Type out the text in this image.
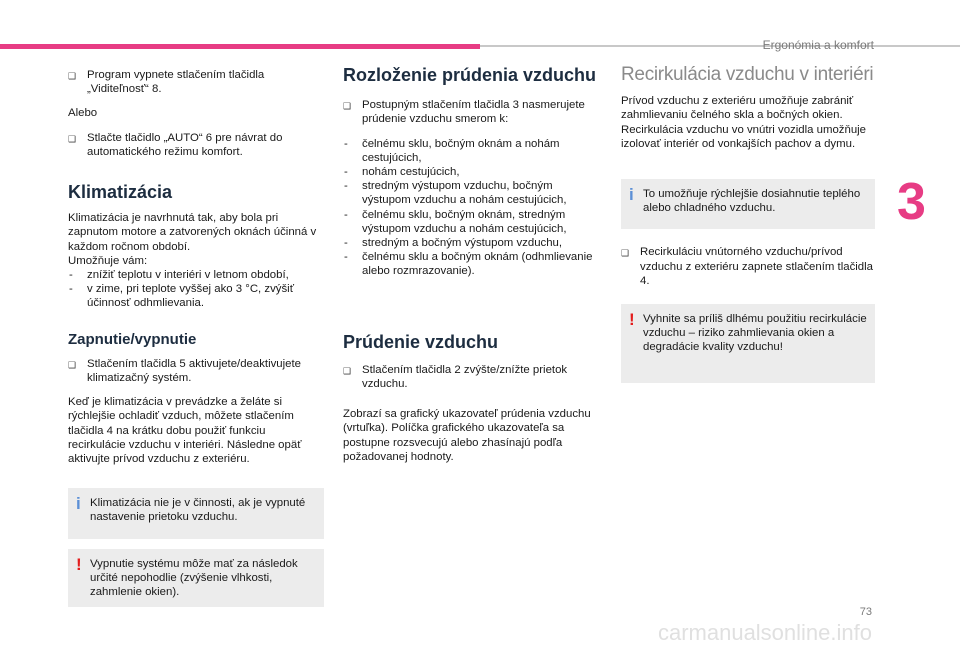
Ergonómia a komfort
3
❑ Program vypnete stlačením tlačidla „Viditeľnosť“ 8.

Alebo

❑ Stlačte tlačidlo „AUTO“ 6 pre návrat do automatického režimu komfort.
Klimatizácia

Klimatizácia je navrhnutá tak, aby bola pri zapnutom motore a zatvorených oknách účinná v každom ročnom období.

Umožňuje vám:

- znížiť teplotu v interiéri v letnom období,
- v zime, pri teplote vyššej ako 3 °C, zvýšiť účinnosť odhmlievania.
Zapnutie/vypnutie
❑ Stlačením tlačidla 5 aktivujete/deaktivujete klimatizačný systém.

Keď je klimatizácia v prevádzke a želáte si rýchlejšie ochladiť vzduch, môžete stlačením tlačidla 4 na krátku dobu použiť funkciu recirkulácie vzduchu v interiéri. Následne opäť aktivujte prívod vzduchu z exteriéru.

i Klimatizácia nie je v činnosti, ak je vypnuté nastavenie prietoku vzduchu.
! Vypnutie systému môže mať za následok určité nepohodlie (zvýšenie vlhkosti, zahmlenie okien).
Rozloženie prúdenia vzduchu
❑ Postupným stlačením tlačidla 3 nasmerujete prúdenie vzduchu smerom k:
- čelnému sklu, bočným oknám a nohám cestujúcich,
- nohám cestujúcich,
- stredným výstupom vzduchu, bočným výstupom vzduchu a nohám cestujúcich,
- čelnému sklu, bočným oknám, stredným výstupom vzduchu a nohám cestujúcich,
- stredným a bočným výstupom vzduchu,
- čelnému sklu a bočným oknám (odhmlievanie alebo rozmrazovanie).
Prúdenie vzduchu
❑ Stlačením tlačidla 2 zvýšte/znížte prietok vzduchu.

Zobrazí sa grafický ukazovateľ prúdenia vzduchu (vrtuľka). Políčka grafického ukazovateľa sa postupne rozsvecujú alebo zhasínajú podľa požadovanej hodnoty.

Recirkulácia vzduchu v interiéri

Prívod vzduchu z exteriéru umožňuje zabrániť zahmlievaniu čelného skla a bočných okien. Recirkulácia vzduchu vo vnútri vozidla umožňuje izolovať interiér od vonkajších pachov a dymu.

i To umožňuje rýchlejšie dosiahnutie teplého alebo chladného vzduchu.
❑ Recirkuláciu vnútorného vzduchu/prívod vzduchu z exteriéru zapnete stlačením tlačidla 4.
! Vyhnite sa príliš dlhému použitiu recirkulácie vzduchu – riziko zahmlievania okien a degradácie kvality vzduchu!
73
carmanualsonline.info
